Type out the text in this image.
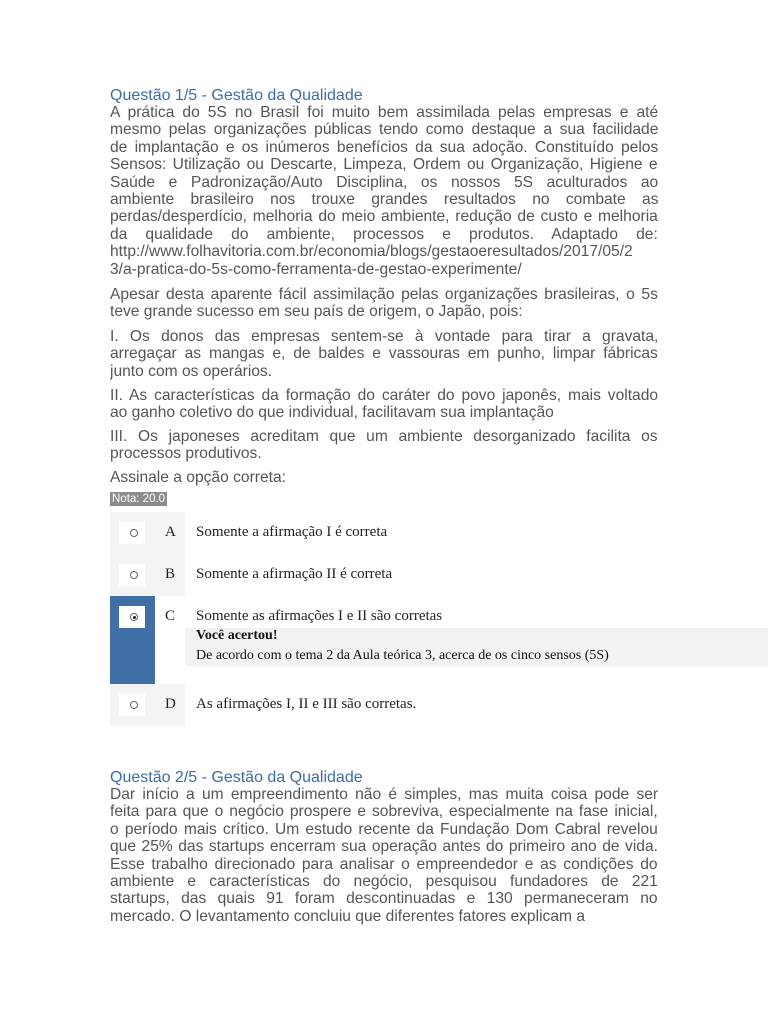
Questão 1/5 - Gestão da Qualidade
A prática do 5S no Brasil foi muito bem assimilada pelas empresas e até
mesmo pelas organizações públicas tendo como destaque a sua facilidade
de implantação e os inúmeros benefícios da sua adoção. Constituído pelos
Sensos: Utilização ou Descarte, Limpeza, Ordem ou Organização, Higiene e
Saúde e Padronização/Auto Disciplina, os nossos 5S aculturados ao
ambiente brasileiro nos trouxe grandes resultados no combate as
perdas/desperdício, melhoria do meio ambiente, redução de custo e melhoria
da qualidade do ambiente, processos e produtos. Adaptado de:
http://www.folhavitoria.com.br/economia/blogs/gestaoeresultados/2017/05/2
3/a-pratica-do-5s-como-ferramenta-de-gestao-experimente/
Apesar desta aparente fácil assimilação pelas organizações brasileiras, o 5s
teve grande sucesso em seu país de origem, o Japão, pois:
I. Os donos das empresas sentem-se à vontade para tirar a gravata,
arregaçar as mangas e, de baldes e vassouras em punho, limpar fábricas
junto com os operários.
II. As características da formação do caráter do povo japonês, mais voltado
ao ganho coletivo do que individual, facilitavam sua implantação
III. Os japoneses acreditam que um ambiente desorganizado facilita os
processos produtivos.
Assinale a opção correta:
Nota: 20.0
A Somente a afirmação I é correta
B Somente a afirmação II é correta
C Somente as afirmações I e II são corretas
Você acertou!
De acordo com o tema 2 da Aula teórica 3, acerca de os cinco sensos (5S)
D As afirmações I, II e III são corretas.
Questão 2/5 - Gestão da Qualidade
Dar início a um empreendimento não é simples, mas muita coisa pode ser
feita para que o negócio prospere e sobreviva, especialmente na fase inicial,
o período mais crítico. Um estudo recente da Fundação Dom Cabral revelou
que 25% das startups encerram sua operação antes do primeiro ano de vida.
Esse trabalho direcionado para analisar o empreendedor e as condições do
ambiente e características do negócio, pesquisou fundadores de 221
startups, das quais 91 foram descontinuadas e 130 permaneceram no
mercado. O levantamento concluiu que diferentes fatores explicam a
